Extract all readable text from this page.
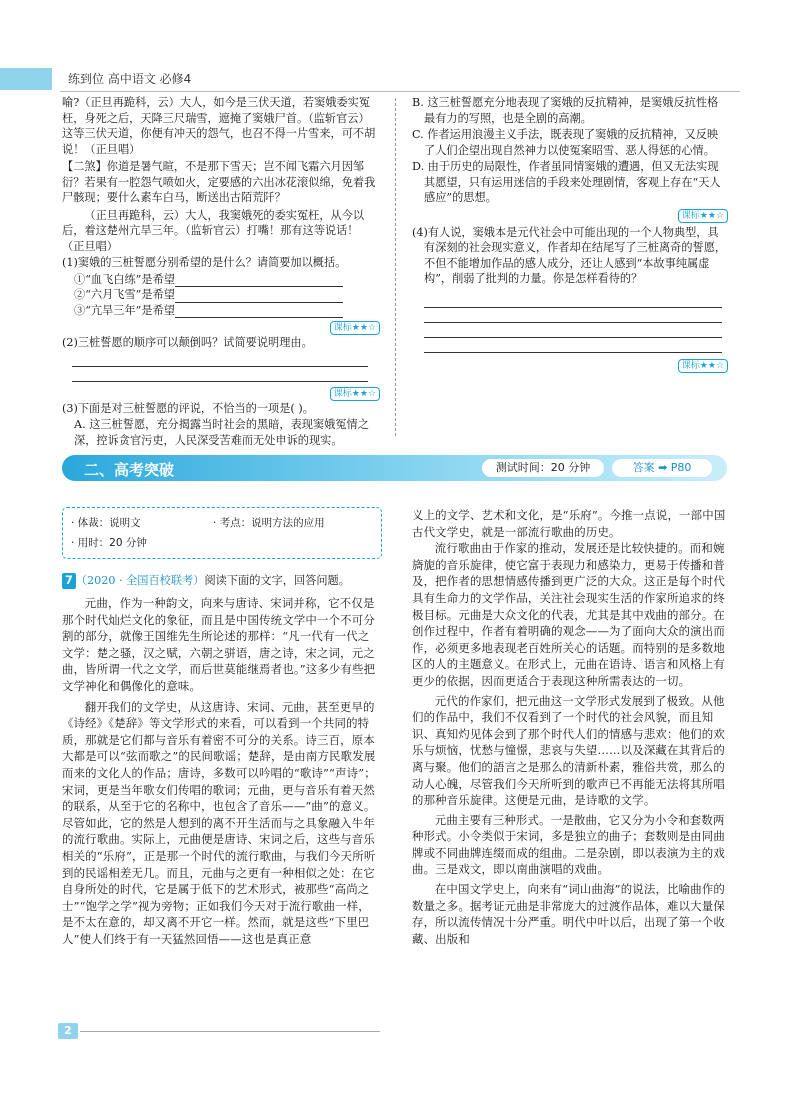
练到位 高中语文 必修4

喻?（正旦再跪科，云）大人，如今是三伏天道，若窦娥委实冤枉，身死之后，天降三尺瑞雪，遮掩了窦娥尸首。（监斩官云）这等三伏天道，你便有冲天的怨气，也召不得一片雪来，可不胡说！（正旦唱）

【二煞】你道是暑气暄，不是那下雪天；岂不闻飞霜六月因邹衍？若果有一腔怨气喷如火，定要感的六出冰花滚似绵，免着我尸骸现；要什么素车白马，断送出古陌荒阡？

（正旦再跪科，云）大人，我窦娥死的委实冤枉，从今以后，着这楚州亢旱三年。（监斩官云）打嘴！那有这等说话！（正旦唱）

(1)窦娥的三桩誓愿分别希望的是什么？请简要加以概括。

①“血飞白练”是希望
②“六月飞雪”是希望
③“亢旱三年”是希望
课标★★☆

(2)三桩誓愿的顺序可以颠倒吗？试简要说明理由。

课标★★☆

(3)下面是对三桩誓愿的评说，不恰当的一项是( )。

A. 这三桩誓愿，充分揭露当时社会的黑暗，表现窦娥冤情之深，控诉贪官污吏，人民深受苦难而无处申诉的现实。

B. 这三桩誓愿充分地表现了窦娥的反抗精神，是窦娥反抗性格最有力的写照，也是全剧的高潮。

C. 作者运用浪漫主义手法，既表现了窦娥的反抗精神，又反映了人们企望出现自然神力以使冤案昭雪、恶人得惩的心情。

D. 由于历史的局限性，作者虽同情窦娥的遭遇，但又无法实现其愿望，只有运用迷信的手段来处理剧情，客观上存在“天人感应”的思想。

课标★★☆

(4)有人说，窦娥本是元代社会中可能出现的一个人物典型，具有深刻的社会现实意义，作者却在结尾写了三桩离奇的誓愿，不但不能增加作品的感人成分，还让人感到“本故事纯属虚构”，削弱了批判的力量。你是怎样看待的？

课标★★☆
二、高考突破	测试时间：20 分钟	答案 ➡ P80
· 体裁：说明文	· 考点：说明方法的应用
· 用时：20 分钟
7 （2020 · 全国百校联考）阅读下面的文字，回答问题。

元曲，作为一种韵文，向来与唐诗、宋词并称，它不仅是那个时代灿烂文化的象征，而且是中国传统文学中一个不可分割的部分，就像王国维先生所论述的那样：“凡一代有一代之文学：楚之骚，汉之赋，六朝之骈语，唐之诗，宋之词，元之曲，皆所谓一代之文学，而后世莫能继焉者也。”这多少有些把文学神化和偶像化的意味。

翻开我们的文学史，从这唐诗、宋词、元曲，甚至更早的《诗经》《楚辞》等文学形式的来看，可以看到一个共同的特质，那就是它们都与音乐有着密不可分的关系。诗三百，原本大都是可以“弦而歌之”的民间歌谣；楚辞，是由南方民歌发展而来的文化人的作品；唐诗，多数可以吟唱的“歌诗”“声诗”；宋词，更是当年歌女们传唱的歌词；元曲，更与音乐有着天然的联系，从至于它的名称中，也包含了音乐——“曲”的意义。尽管如此，它的然是人想到的离不开生活而与之具象融入牛年的流行歌曲。实际上，元曲便是唐诗、宋词之后，这些与音乐相关的“乐府”，正是那一个时代的流行歌曲，与我们今天所听到的民谣相差无几。而且，元曲与之更有一种相似之处：在它自身所处的时代，它是属于低下的艺术形式，被那些“高尚之士”“饱学之学”视为旁物；正如我们今天对于流行歌曲一样，是不太在意的，却又离不开它一样。然而，就是这些“下里巴人”使人们终于有一天猛然回悟——这也是真正意

义上的文学、艺术和文化，是“乐府”。今推一点说，一部中国古代文学史，就是一部流行歌曲的历史。

流行歌曲由于作家的推动，发展还是比较快捷的。而和婉旖旎的音乐旋律，使它富于表现力和感染力，更易于传播和普及，把作者的思想情感传播到更广泛的大众。这正是每个时代具有生命力的文学作品，关注社会现实生活的作家所追求的终极目标。元曲是大众文化的代表，尤其是其中戏曲的部分。在创作过程中，作者有着明确的观念——为了面向大众的演出而作，必须更多地表现老百姓所关心的话题。而特别的是多数地区的人的主题意义。在形式上，元曲在语诗、语言和风格上有更少的依据，因而更适合于表现这种所需表达的一切。

元代的作家们，把元曲这一文学形式发展到了极致。从他们的作品中，我们不仅看到了一个时代的社会风貌，而且知识、真知灼见体会到了那个时代人们的情感与悲欢：他们的欢乐与烦恼，忧愁与憧憬，悲哀与失望……以及深藏在其背后的离与聚。他们的語言之是那么的清新朴素，雅俗共赏，那么的动人心魄，尽管我们今天所听到的歌声已不再能无法将其所唱的那种音乐旋律。这便是元曲，是诗歌的文学。

元曲主要有三种形式。一是散曲，它又分为小令和套数两种形式。小令类似于宋词，多是独立的曲子；套数则是由同曲牌或不同曲牌连缀而成的组曲。二是杂剧，即以表演为主的戏曲。三是戏文，即以南曲演唱的戏曲。

在中国文学史上，向来有“词山曲海”的说法，比喻曲作的数量之多。据考证元曲是非常庞大的过渡作品体，难以大量保存，所以流传情况十分严重。明代中叶以后，出现了第一个收藏、出版和

2
